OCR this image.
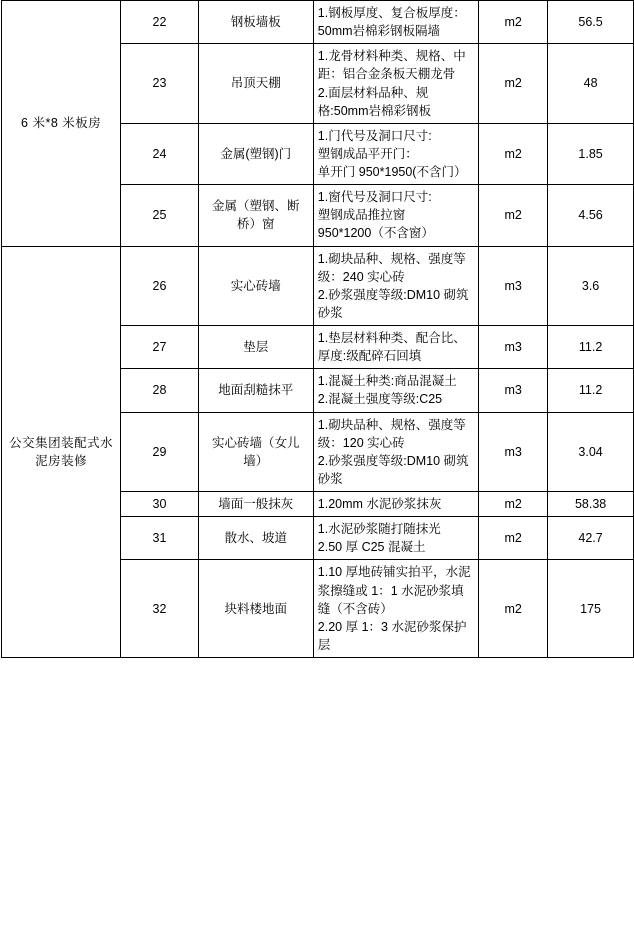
6 米*8 米板房	22	钢板墙板	1.钢板厚度、复合板厚度：50mm岩棉彩钢板隔墙	m2	56.5
	23	吊顶天棚	1.龙骨材料种类、规格、中距：铝合金条板天棚龙骨
2.面层材料品种、规格:50mm岩棉彩钢板	m2	48
	24	金属(塑钢)门	1.门代号及洞口尺寸:
塑钢成品平开门：
单开门 950*1950(不含门）	m2	1.85
	25	金属（塑钢、断桥）窗	1.窗代号及洞口尺寸:
塑钢成品推拉窗
950*1200（不含窗）	m2	4.56
公交集团装配式水泥房装修	26	实心砖墙	1.砌块品种、规格、强度等级：240 实心砖
2.砂浆强度等级:DM10 砌筑砂浆	m3	3.6
	27	垫层	1.垫层材料种类、配合比、厚度:级配碎石回填	m3	11.2
	28	地面刮糙抹平	1.混凝土种类:商品混凝土
2.混凝土强度等级:C25	m3	11.2
	29	实心砖墙（女儿墙）	1.砌块品种、规格、强度等级：120 实心砖
2.砂浆强度等级:DM10 砌筑砂浆	m3	3.04
	30	墙面一般抹灰	1.20mm 水泥砂浆抹灰	m2	58.38
	31	散水、坡道	1.水泥砂浆随打随抹光
2.50 厚 C25 混凝土	m2	42.7
	32	块料楼地面	1.10 厚地砖铺实拍平，水泥浆擦缝或 1：1 水泥砂浆填缝（不含砖）
2.20 厚 1：3 水泥砂浆保护层	m2	175
